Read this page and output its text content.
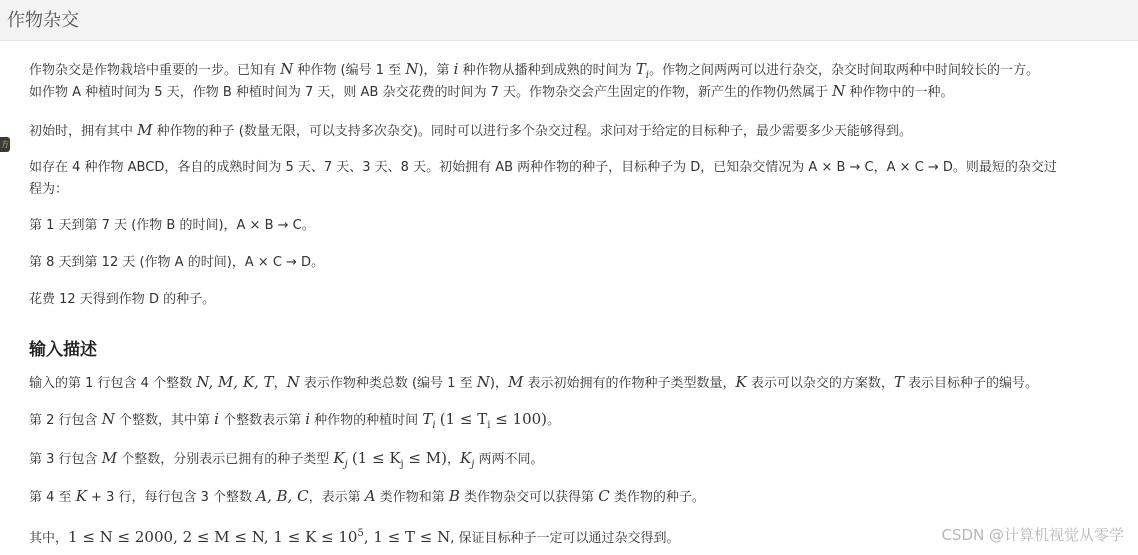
作物杂交
方
作物杂交是作物栽培中重要的一步。已知有 N 种作物 (编号 1 至 N)，第 i 种作物从播种到成熟的时间为 $T_i$。作物之间两两可以进行杂交，杂交时间取两种中时间较长的一方。
如作物 A 种植时间为 5 天，作物 B 种植时间为 7 天，则 AB 杂交花费的时间为 7 天。作物杂交会产生固定的作物，新产生的作物仍然属于 N 种作物中的一种。
初始时，拥有其中 M 种作物的种子 (数量无限，可以支持多次杂交)。同时可以进行多个杂交过程。求问对于给定的目标种子，最少需要多少天能够得到。
如存在 4 种作物 ABCD，各自的成熟时间为 5 天、7 天、3 天、8 天。初始拥有 AB 两种作物的种子，目标种子为 D，已知杂交情况为 A × B → C，A × C → D。则最短的杂交过
程为：
第 1 天到第 7 天 (作物 B 的时间)，A × B → C。
第 8 天到第 12 天 (作物 A 的时间)，A × C → D。
花费 12 天得到作物 D 的种子。
输入描述
输入的第 1 行包含 4 个整数 N, M, K, T，N 表示作物种类总数 (编号 1 至 N)，M 表示初始拥有的作物种子类型数量，K 表示可以杂交的方案数，T 表示目标种子的编号。
第 2 行包含 N 个整数，其中第 i 个整数表示第 i 种作物的种植时间 $T_i$ $(1 \le T_i \le 100)$。
第 3 行包含 M 个整数，分别表示已拥有的种子类型 $K_j$ $(1 \le K_j \le M)$，$K_j$ 两两不同。
第 4 至 K + 3 行，每行包含 3 个整数 A, B, C，表示第 A 类作物和第 B 类作物杂交可以获得第 C 类作物的种子。
其中，1 ≤ N ≤ 2000, 2 ≤ M ≤ N, $1 \le K \le 10^5$, 1 ≤ T ≤ N, 保证目标种子一定可以通过杂交得到。	CSDN @计算机视觉从零学
